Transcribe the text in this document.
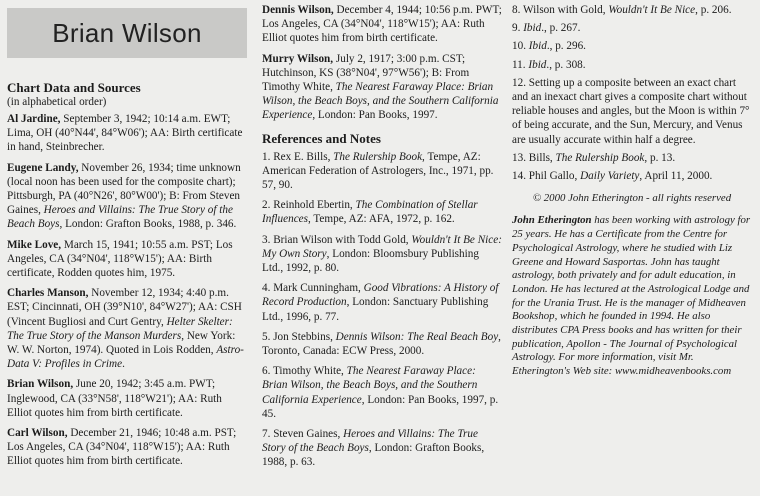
Brian Wilson
Chart Data and Sources
(in alphabetical order)

Al Jardine, September 3, 1942; 10:14 a.m. EWT; Lima, OH (40°N44', 84°W06'); AA: Birth certificate in hand, Steinbrecher.

Eugene Landy, November 26, 1934; time unknown (local noon has been used for the composite chart); Pittsburgh, PA (40°N26', 80°W00'); B: From Steven Gaines, Heroes and Villains: The True Story of the Beach Boys, London: Grafton Books, 1988, p. 346.

Mike Love, March 15, 1941; 10:55 a.m. PST; Los Angeles, CA (34°N04', 118°W15'); AA: Birth certificate, Rodden quotes him, 1975.

Charles Manson, November 12, 1934; 4:40 p.m. EST; Cincinnati, OH (39°N10', 84°W27'); AA: CSH (Vincent Bugliosi and Curt Gentry, Helter Skelter: The True Story of the Manson Murders, New York: W. W. Norton, 1974). Quoted in Lois Rodden, Astro-Data V: Profiles in Crime.

Brian Wilson, June 20, 1942; 3:45 a.m. PWT; Inglewood, CA (33°N58', 118°W21'); AA: Ruth Elliot quotes him from birth certificate.

Carl Wilson, December 21, 1946; 10:48 a.m. PST; Los Angeles, CA (34°N04', 118°W15'); AA: Ruth Elliot quotes him from birth certificate.

Dennis Wilson, December 4, 1944; 10:56 p.m. PWT; Los Angeles, CA (34°N04', 118°W15'); AA: Ruth Elliot quotes him from birth certificate.

Murry Wilson, July 2, 1917; 3:00 p.m. CST; Hutchinson, KS (38°N04', 97°W56'); B: From Timothy White, The Nearest Faraway Place: Brian Wilson, the Beach Boys, and the Southern California Experience, London: Pan Books, 1997.

References and Notes

1. Rex E. Bills, The Rulership Book, Tempe, AZ: American Federation of Astrologers, Inc., 1971, pp. 57, 90.

2. Reinhold Ebertin, The Combination of Stellar Influences, Tempe, AZ: AFA, 1972, p. 162.

3. Brian Wilson with Todd Gold, Wouldn't It Be Nice: My Own Story, London: Bloomsbury Publishing Ltd., 1992, p. 80.

4. Mark Cunningham, Good Vibrations: A History of Record Production, London: Sanctuary Publishing Ltd., 1996, p. 77.

5. Jon Stebbins, Dennis Wilson: The Real Beach Boy, Toronto, Canada: ECW Press, 2000.

6. Timothy White, The Nearest Faraway Place: Brian Wilson, the Beach Boys, and the Southern California Experience, London: Pan Books, 1997, p. 45.

7. Steven Gaines, Heroes and Villains: The True Story of the Beach Boys, London: Grafton Books, 1988, p. 63.

8. Wilson with Gold, Wouldn't It Be Nice, p. 206.

9. Ibid., p. 267.

10. Ibid., p. 296.

11. Ibid., p. 308.

12. Setting up a composite between an exact chart and an inexact chart gives a composite chart without reliable houses and angles, but the Moon is within 7° of being accurate, and the Sun, Mercury, and Venus are usually accurate within half a degree.

13. Bills, The Rulership Book, p. 13.

14. Phil Gallo, Daily Variety, April 11, 2000.

© 2000 John Etherington - all rights reserved
John Etherington has been working with astrology for 25 years. He has a Certificate from the Centre for Psychological Astrology, where he studied with Liz Greene and Howard Sasportas. John has taught astrology, both privately and for adult education, in London. He has lectured at the Astrological Lodge and for the Urania Trust. He is the manager of Midheaven Bookshop, which he founded in 1994. He also distributes CPA Press books and has written for their publication, Apollon - The Journal of Psychological Astrology. For more information, visit Mr. Etherington's Web site: www.midheavenbooks.com
